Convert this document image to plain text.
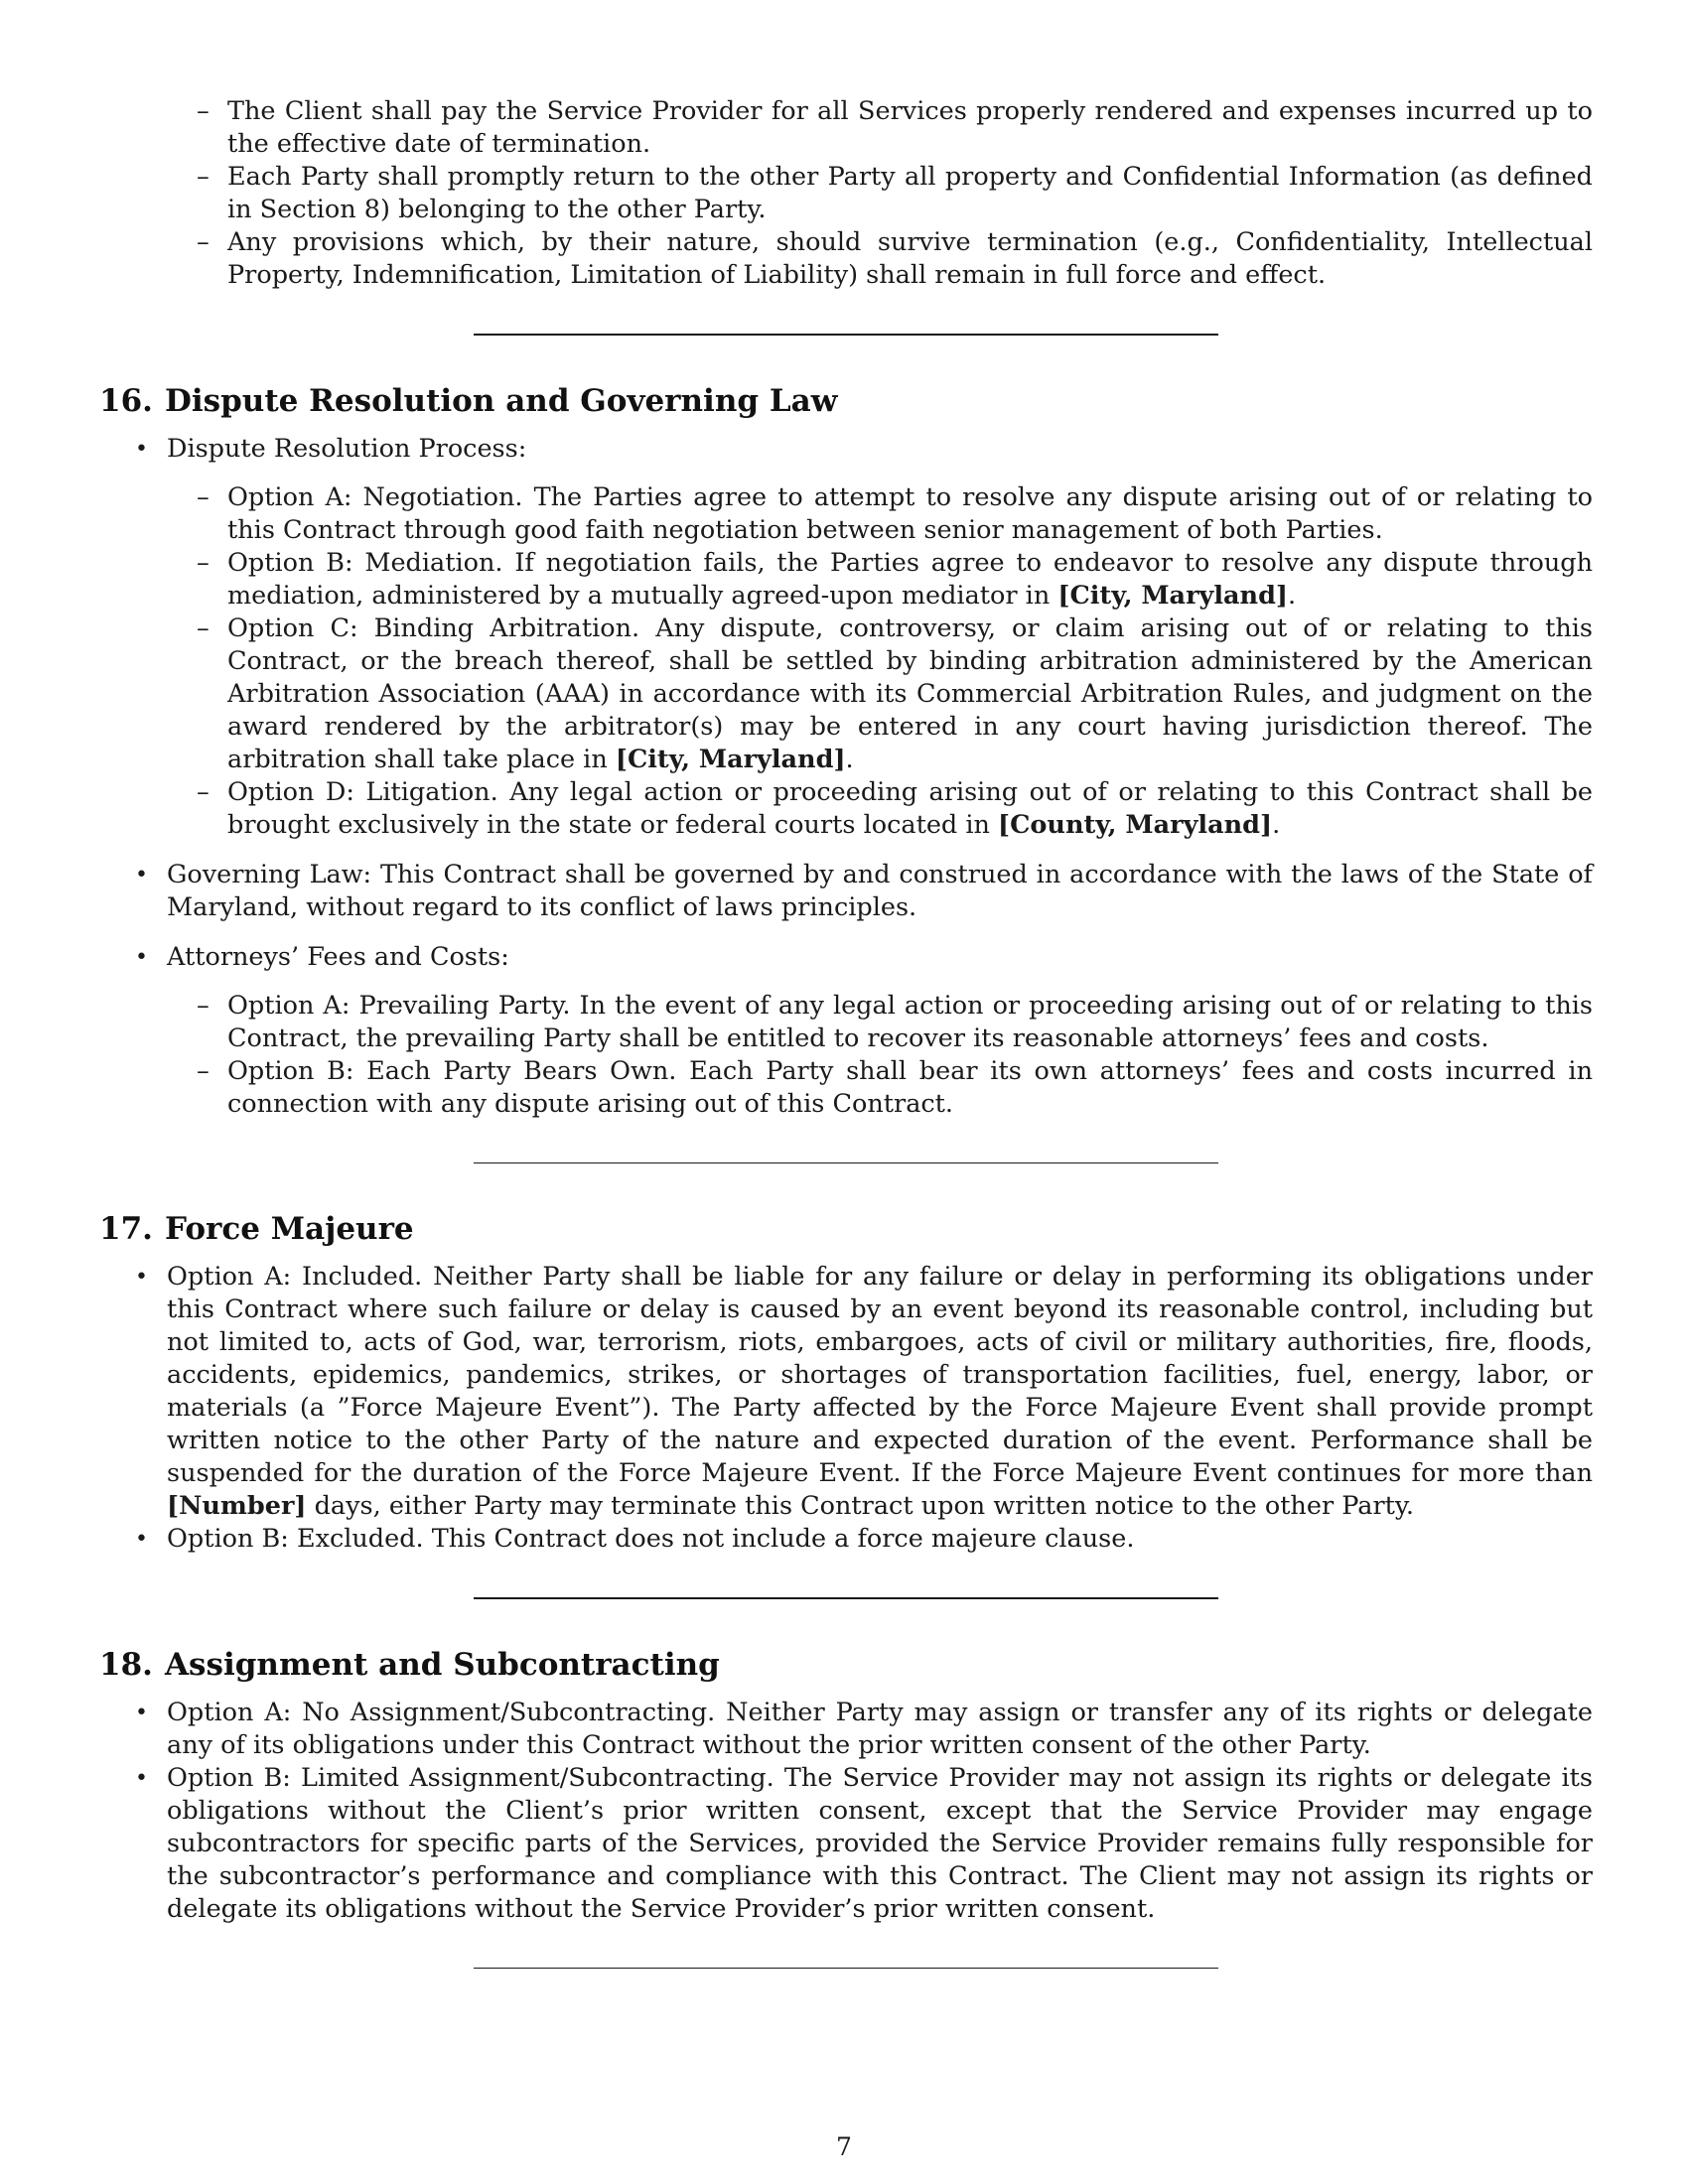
– The Client shall pay the Service Provider for all Services properly rendered and expenses incurred up to the effective date of termination.
– Each Party shall promptly return to the other Party all property and Confidential Information (as defined in Section 8) belonging to the other Party.
– Any provisions which, by their nature, should survive termination (e.g., Confidentiality, Intellectual Property, Indemnification, Limitation of Liability) shall remain in full force and effect.
16. Dispute Resolution and Governing Law
• Dispute Resolution Process:
– Option A: Negotiation. The Parties agree to attempt to resolve any dispute arising out of or relating to this Contract through good faith negotiation between senior management of both Parties.
– Option B: Mediation. If negotiation fails, the Parties agree to endeavor to resolve any dispute through mediation, administered by a mutually agreed-upon mediator in [City, Maryland].
– Option C: Binding Arbitration. Any dispute, controversy, or claim arising out of or relating to this Contract, or the breach thereof, shall be settled by binding arbitration administered by the American Arbitration Association (AAA) in accordance with its Commercial Arbitration Rules, and judgment on the award rendered by the arbitrator(s) may be entered in any court having jurisdiction thereof. The arbitration shall take place in [City, Maryland].
– Option D: Litigation. Any legal action or proceeding arising out of or relating to this Contract shall be brought exclusively in the state or federal courts located in [County, Maryland].
• Governing Law: This Contract shall be governed by and construed in accordance with the laws of the State of Maryland, without regard to its conflict of laws principles.
• Attorneys’ Fees and Costs:
– Option A: Prevailing Party. In the event of any legal action or proceeding arising out of or relating to this Contract, the prevailing Party shall be entitled to recover its reasonable attorneys’ fees and costs.
– Option B: Each Party Bears Own. Each Party shall bear its own attorneys’ fees and costs incurred in connection with any dispute arising out of this Contract.
17. Force Majeure
• Option A: Included. Neither Party shall be liable for any failure or delay in performing its obligations under this Contract where such failure or delay is caused by an event beyond its reasonable control, including but not limited to, acts of God, war, terrorism, riots, embargoes, acts of civil or military authorities, fire, floods, accidents, epidemics, pandemics, strikes, or shortages of transportation facilities, fuel, energy, labor, or materials (a ”Force Majeure Event”). The Party affected by the Force Majeure Event shall provide prompt written notice to the other Party of the nature and expected duration of the event. Performance shall be suspended for the duration of the Force Majeure Event. If the Force Majeure Event continues for more than [Number] days, either Party may terminate this Contract upon written notice to the other Party.
• Option B: Excluded. This Contract does not include a force majeure clause.
18. Assignment and Subcontracting
• Option A: No Assignment/Subcontracting. Neither Party may assign or transfer any of its rights or delegate any of its obligations under this Contract without the prior written consent of the other Party.
• Option B: Limited Assignment/Subcontracting. The Service Provider may not assign its rights or delegate its obligations without the Client’s prior written consent, except that the Service Provider may engage subcontractors for specific parts of the Services, provided the Service Provider remains fully responsible for the subcontractor’s performance and compliance with this Contract. The Client may not assign its rights or delegate its obligations without the Service Provider’s prior written consent.
7
